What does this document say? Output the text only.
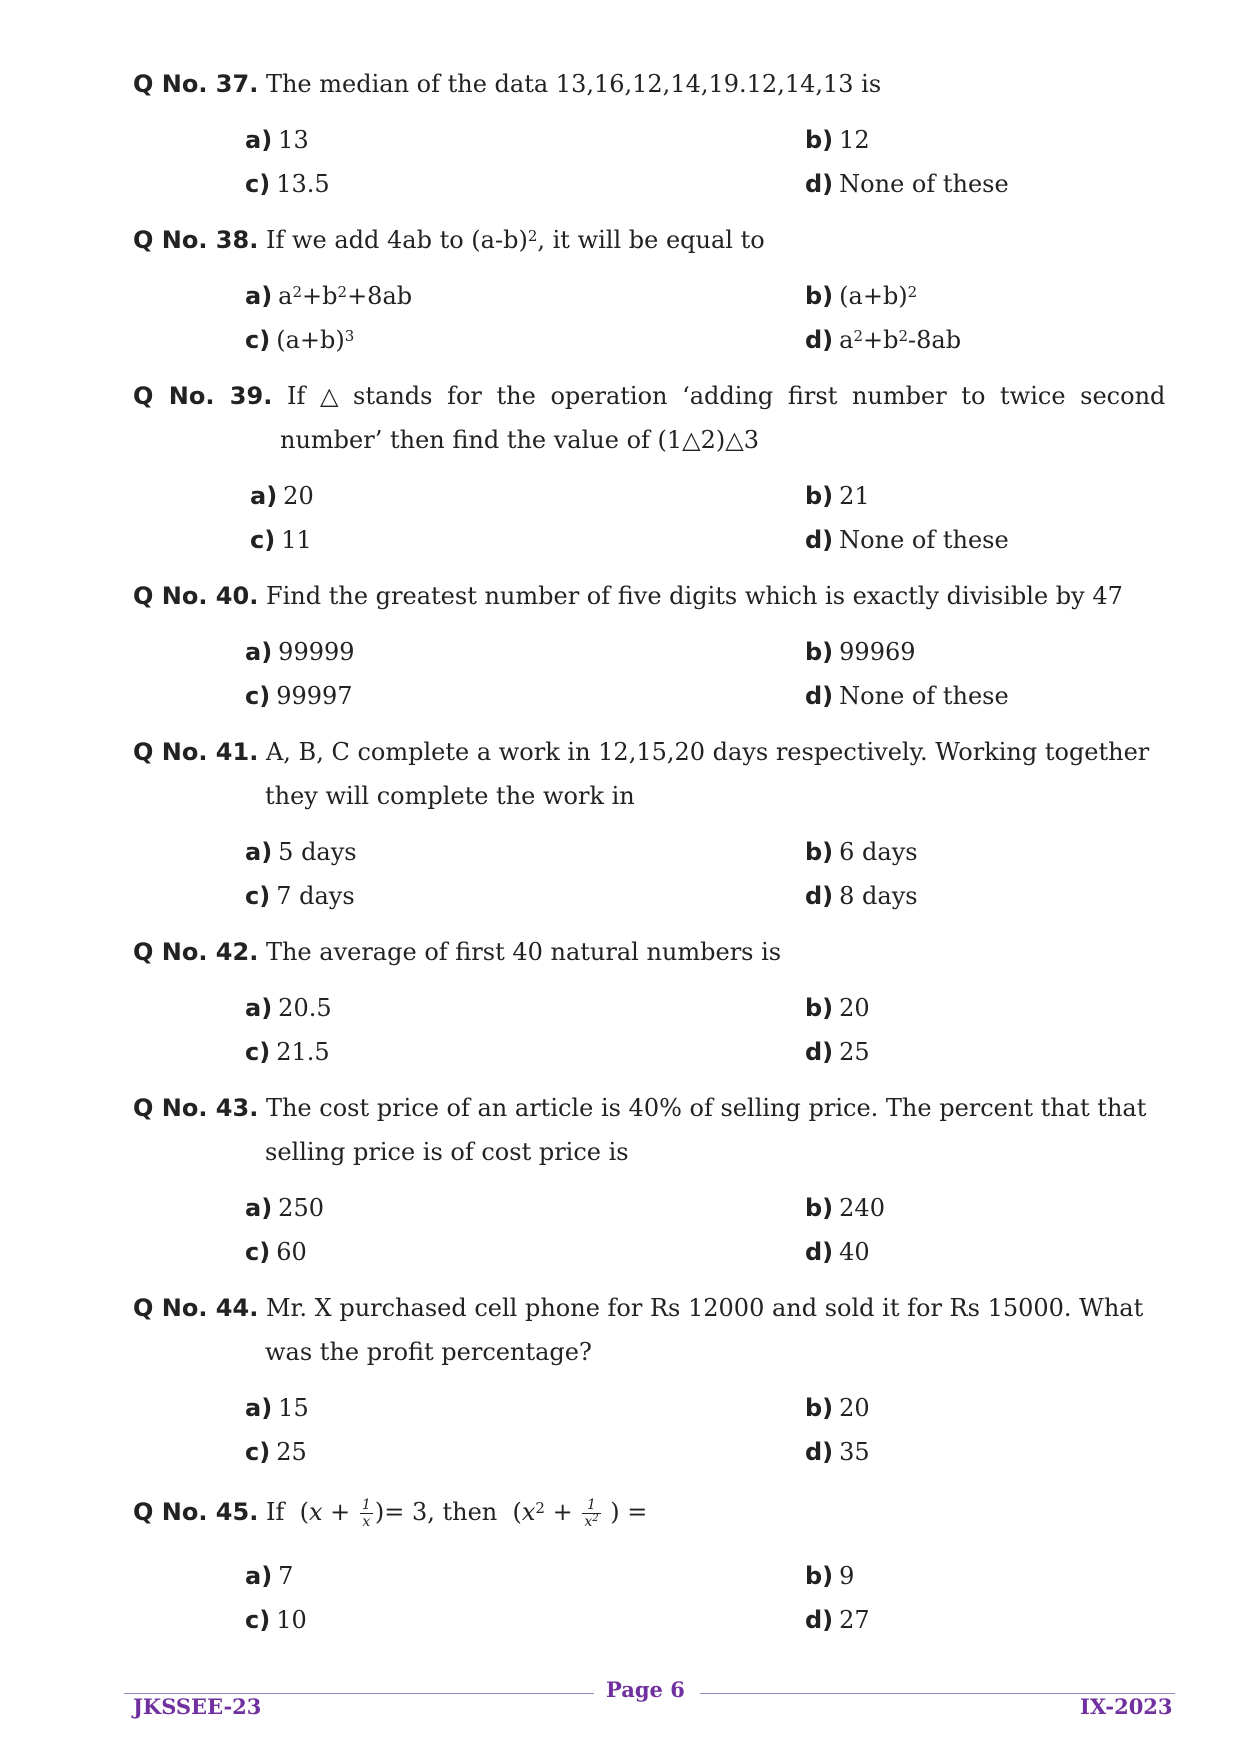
Q No. 37. The median of the data 13,16,12,14,19.12,14,13 is
a) 13	b) 12
c) 13.5	d) None of these
Q No. 38. If we add 4ab to $(a-b)^2$, it will be equal to
a) $a^2+b^2+8ab$	b) $(a+b)^2$
c) $(a+b)^3$	d) $a^2+b^2-8ab$
Q No. 39. If △ stands for the operation ‘adding first number to twice second
number’ then find the value of (1△2)△3
a) 20	b) 21
c) 11	d) None of these
Q No. 40. Find the greatest number of five digits which is exactly divisible by 47
a) 99999	b) 99969
c) 99997	d) None of these
Q No. 41. A, B, C complete a work in 12,15,20 days respectively. Working together
they will complete the work in
a) 5 days	b) 6 days
c) 7 days	d) 8 days
Q No. 42. The average of first 40 natural numbers is
a) 20.5	b) 20
c) 21.5	d) 25
Q No. 43. The cost price of an article is 40% of selling price. The percent that that
selling price is of cost price is
a) 250	b) 240
c) 60	d) 40
Q No. 44. Mr. X purchased cell phone for Rs 12000 and sold it for Rs 15000. What
was the profit percentage?
a) 15	b) 20
c) 25	d) 35
Q No. 45. If ($x + \frac{1}{x}$ )= 3, then ($x^2 + \frac{1}{x^2}$ ) =
a) 7	b) 9
c) 10	d) 27
JKSSEE-23
Page 6
IX-2023
